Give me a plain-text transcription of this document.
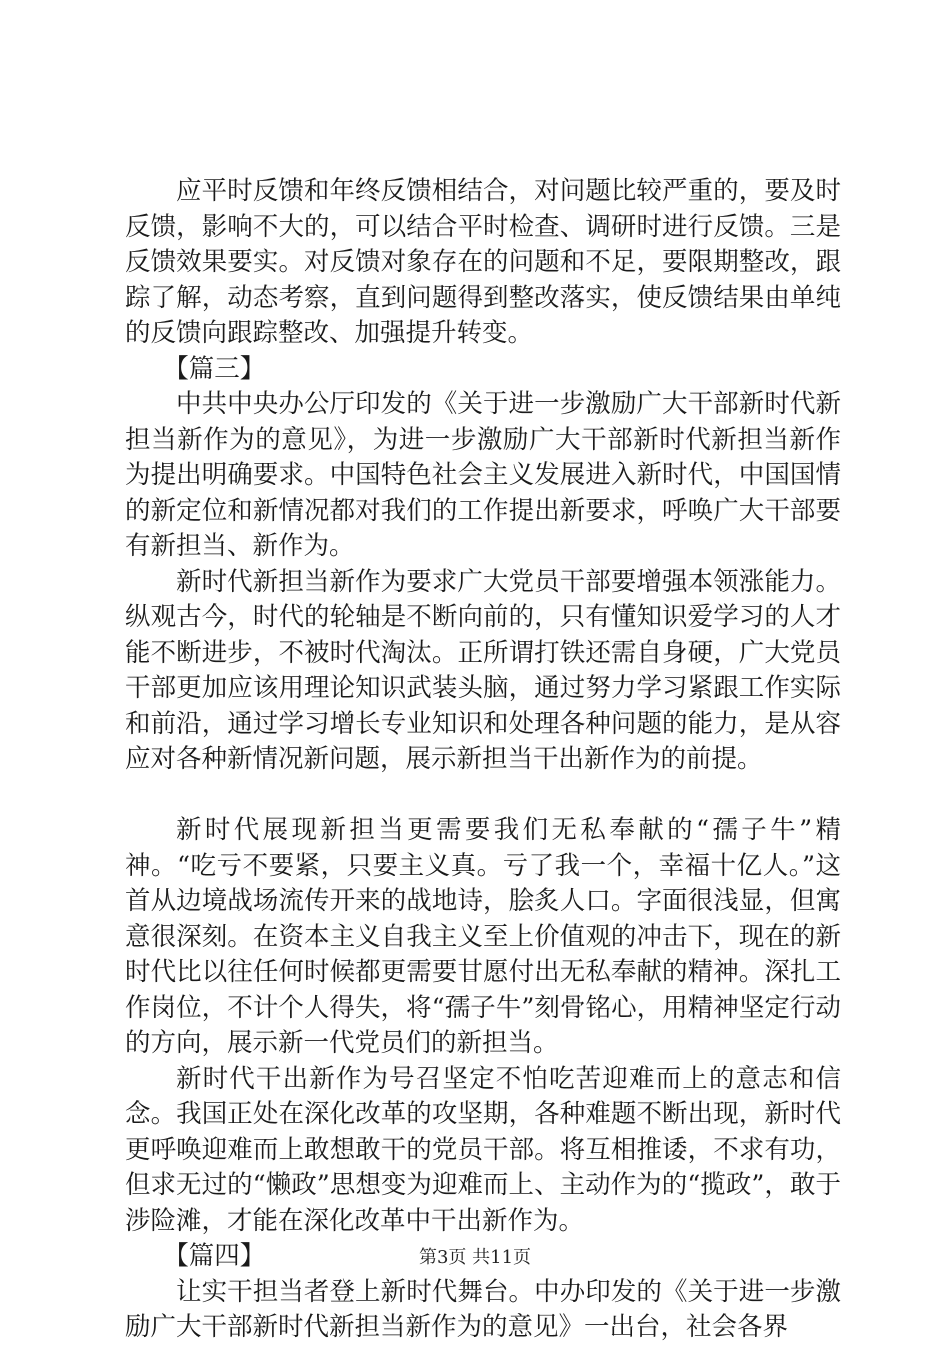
应平时反馈和年终反馈相结合，对问题比较严重的，要及时反馈，影响不大的，可以结合平时检查、调研时进行反馈。三是反馈效果要实。对反馈对象存在的问题和不足，要限期整改，跟踪了解，动态考察，直到问题得到整改落实，使反馈结果由单纯的反馈向跟踪整改、加强提升转变。

【篇三】

中共中央办公厅印发的《关于进一步激励广大干部新时代新担当新作为的意见》，为进一步激励广大干部新时代新担当新作为提出明确要求。中国特色社会主义发展进入新时代，中国国情的新定位和新情况都对我们的工作提出新要求，呼唤广大干部要有新担当、新作为。

新时代新担当新作为要求广大党员干部要增强本领涨能力。纵观古今，时代的轮轴是不断向前的，只有懂知识爱学习的人才能不断进步，不被时代淘汰。正所谓打铁还需自身硬，广大党员干部更加应该用理论知识武装头脑，通过努力学习紧跟工作实际和前沿，通过学习增长专业知识和处理各种问题的能力，是从容应对各种新情况新问题，展示新担当干出新作为的前提。

新时代展现新担当更需要我们无私奉献的“孺子牛”精神。“吃亏不要紧，只要主义真。亏了我一个，幸福十亿人。”这首从边境战场流传开来的战地诗，脍炙人口。字面很浅显，但寓意很深刻。在资本主义自我主义至上价值观的冲击下，现在的新时代比以往任何时候都更需要甘愿付出无私奉献的精神。深扎工作岗位，不计个人得失，将“孺子牛”刻骨铭心，用精神坚定行动的方向，展示新一代党员们的新担当。

新时代干出新作为号召坚定不怕吃苦迎难而上的意志和信念。我国正处在深化改革的攻坚期，各种难题不断出现，新时代更呼唤迎难而上敢想敢干的党员干部。将互相推诿，不求有功，但求无过的“懒政”思想变为迎难而上、主动作为的“揽政”，敢于涉险滩，才能在深化改革中干出新作为。

【篇四】

让实干担当者登上新时代舞台。中办印发的《关于进一步激励广大干部新时代新担当新作为的意见》一出台，社会各界

第3页 共11页
